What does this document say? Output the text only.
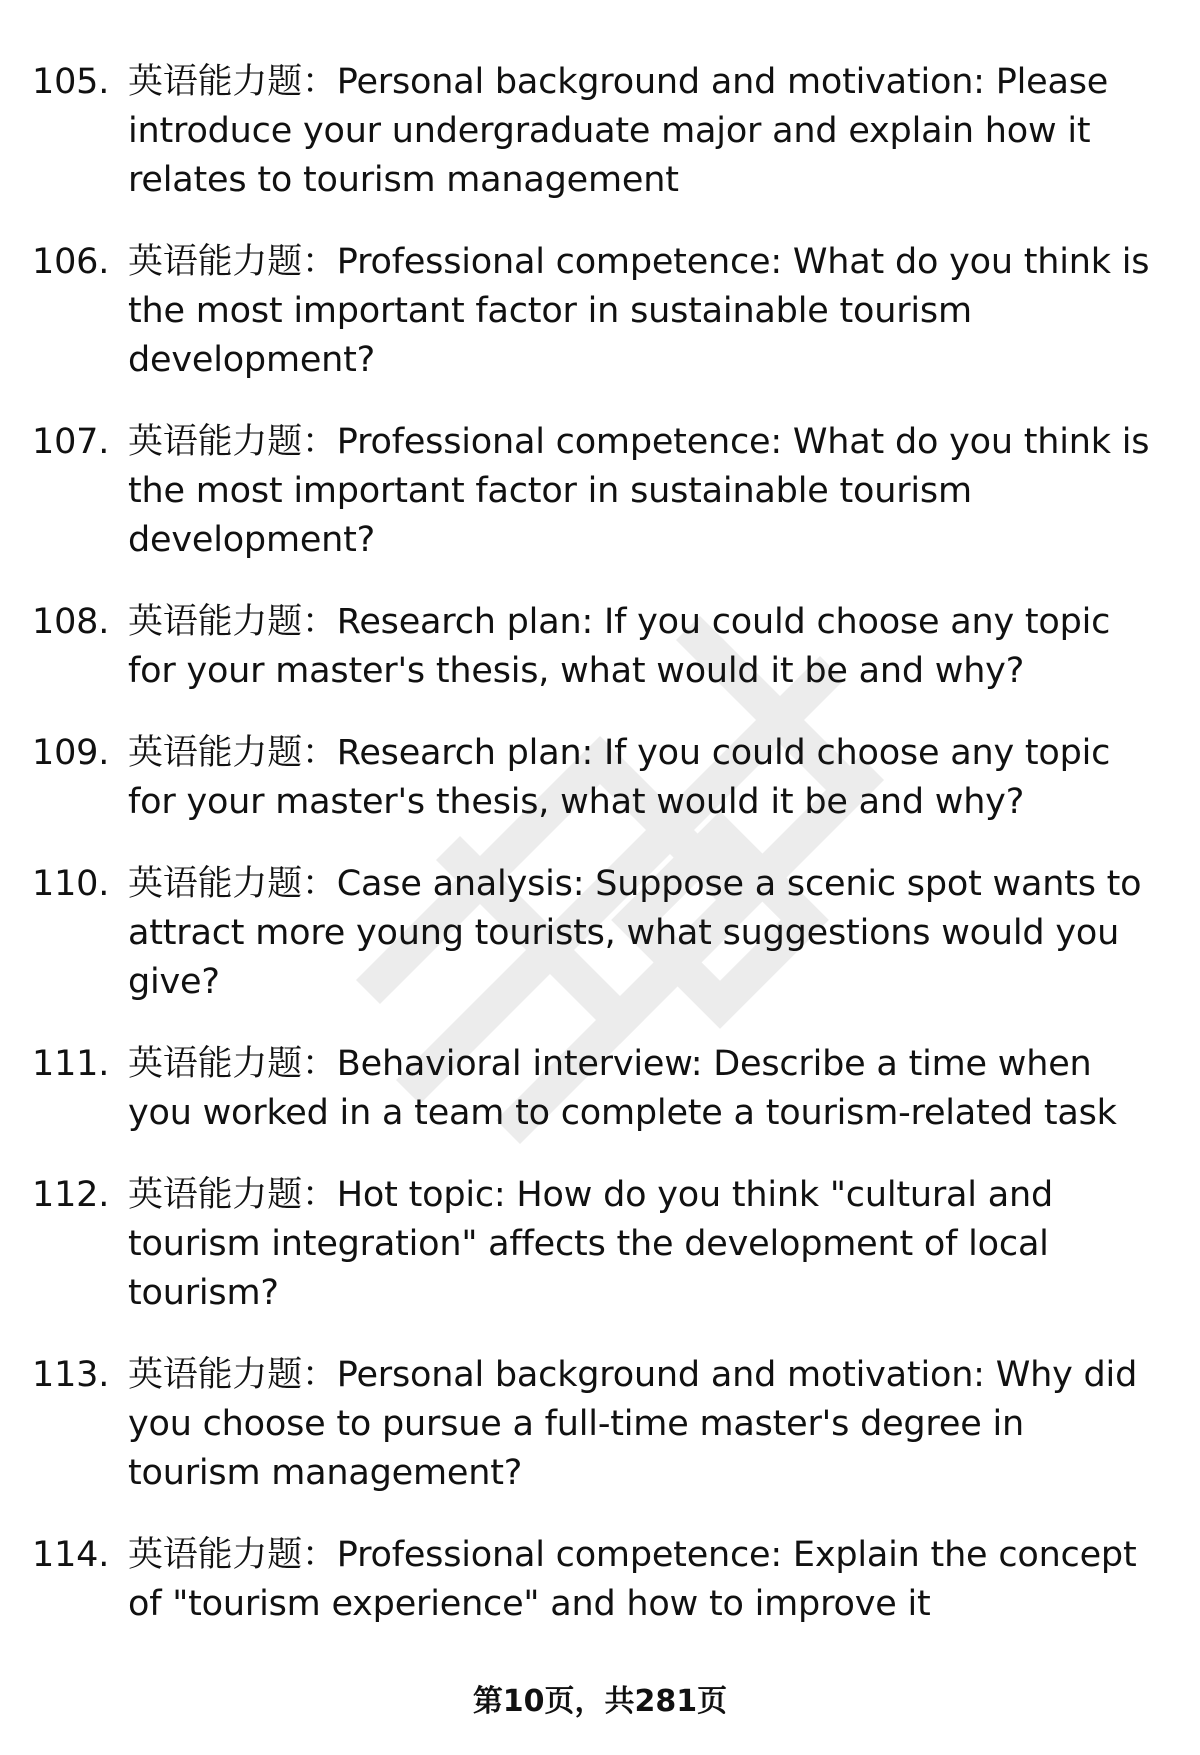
105. 英语能力题：Personal background and motivation: Please introduce your undergraduate major and explain how it relates to tourism management
106. 英语能力题：Professional competence: What do you think is the most important factor in sustainable tourism development?
107. 英语能力题：Professional competence: What do you think is the most important factor in sustainable tourism development?
108. 英语能力题：Research plan: If you could choose any topic for your master's thesis, what would it be and why?
109. 英语能力题：Research plan: If you could choose any topic for your master's thesis, what would it be and why?
110. 英语能力题：Case analysis: Suppose a scenic spot wants to attract more young tourists, what suggestions would you give?
111. 英语能力题：Behavioral interview: Describe a time when you worked in a team to complete a tourism-related task
112. 英语能力题：Hot topic: How do you think "cultural and tourism integration" affects the development of local tourism?
113. 英语能力题：Personal background and motivation: Why did you choose to pursue a full-time master's degree in tourism management?
114. 英语能力题：Professional competence: Explain the concept of "tourism experience" and how to improve it
第10页，共281页
